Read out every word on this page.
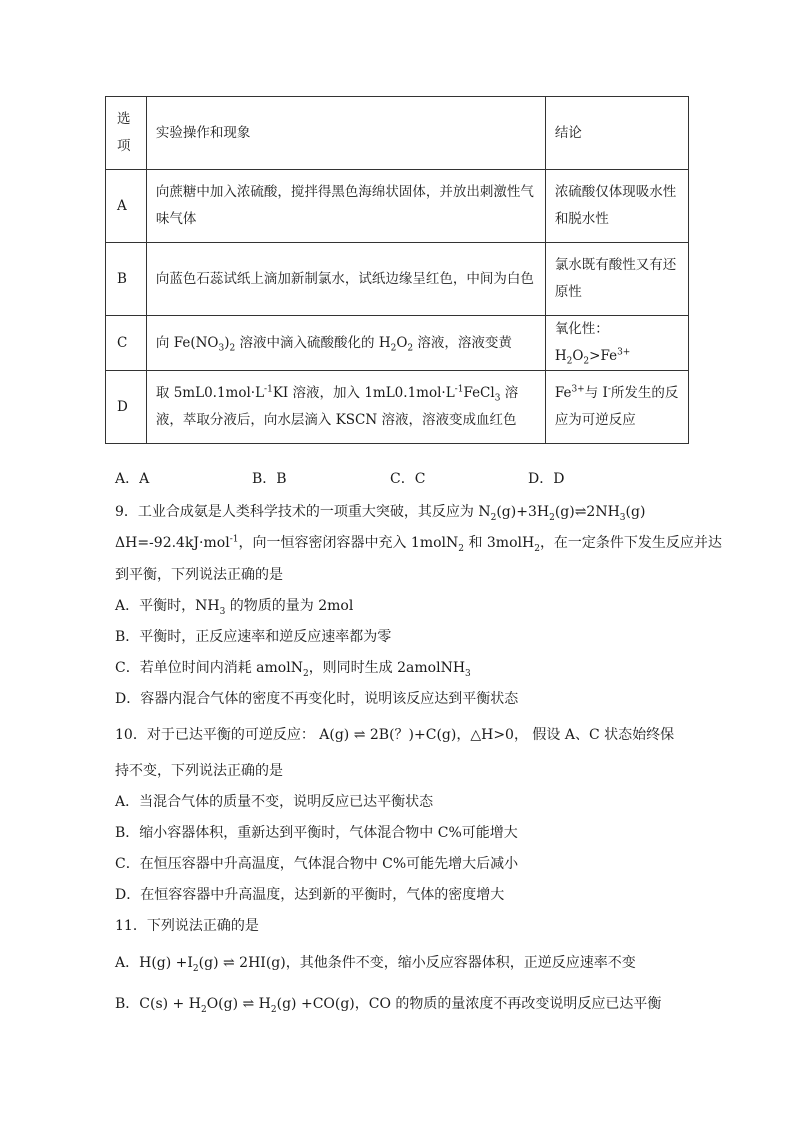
选
项	实验操作和现象	结论
A	向蔗糖中加入浓硫酸，搅拌得黑色海绵状固体，并放出刺激性气味气体	浓硫酸仅体现吸水性和脱水性
B	向蓝色石蕊试纸上滴加新制氯水，试纸边缘呈红色，中间为白色	氯水既有酸性又有还原性
C	向 $Fe(NO_3)_2$ 溶液中滴入硫酸酸化的 $H_2O_2$ 溶液，溶液变黄	氧化性：$H_2O_2>Fe^{3+}$
D	取 $5mL0.1mol\cdot L^{-1}KI$ 溶液，加入 $1mL0.1mol\cdot L^{-1}FeCl_3$ 溶液，萃取分液后，向水层滴入 KSCN 溶液，溶液变成血红色	$Fe^{3+}$与 I-所发生的反应为可逆反应
A．A	B．B	C．C	D．D
9．工业合成氨是人类科学技术的一项重大突破，其反应为 $N_2(g)+3H_2(g)\rightleftharpoons 2NH_3(g)$
ΔH=-92.4kJ·mol$^{-1}$，向一恒容密闭容器中充入 1molN$_2$ 和 3molH$_2$，在一定条件下发生反应并达
到平衡，下列说法正确的是
A．平衡时，$NH_3$ 的物质的量为 2mol
B．平衡时，正反应速率和逆反应速率都为零
C．若单位时间内消耗 amolN$_2$，则同时生成 2amolNH$_3$
D．容器内混合气体的密度不再变化时，说明该反应达到平衡状态
10．对于已达平衡的可逆反应： A(g) ⇌ 2B(？)+C(g)，△H>0， 假设 A、C 状态始终保
持不变，下列说法正确的是
A．当混合气体的质量不变，说明反应已达平衡状态
B．缩小容器体积，重新达到平衡时，气体混合物中 C%可能增大
C．在恒压容器中升高温度，气体混合物中 C%可能先增大后减小
D．在恒容容器中升高温度，达到新的平衡时，气体的密度增大
11．下列说法正确的是
A．$H(g) +I_2(g)$ ⇌ 2HI(g)，其他条件不变，缩小反应容器体积，正逆反应速率不变
B．$C(s) + H_2O(g)$ ⇌ $H_2(g) +CO(g)$，CO 的物质的量浓度不再改变说明反应已达平衡
